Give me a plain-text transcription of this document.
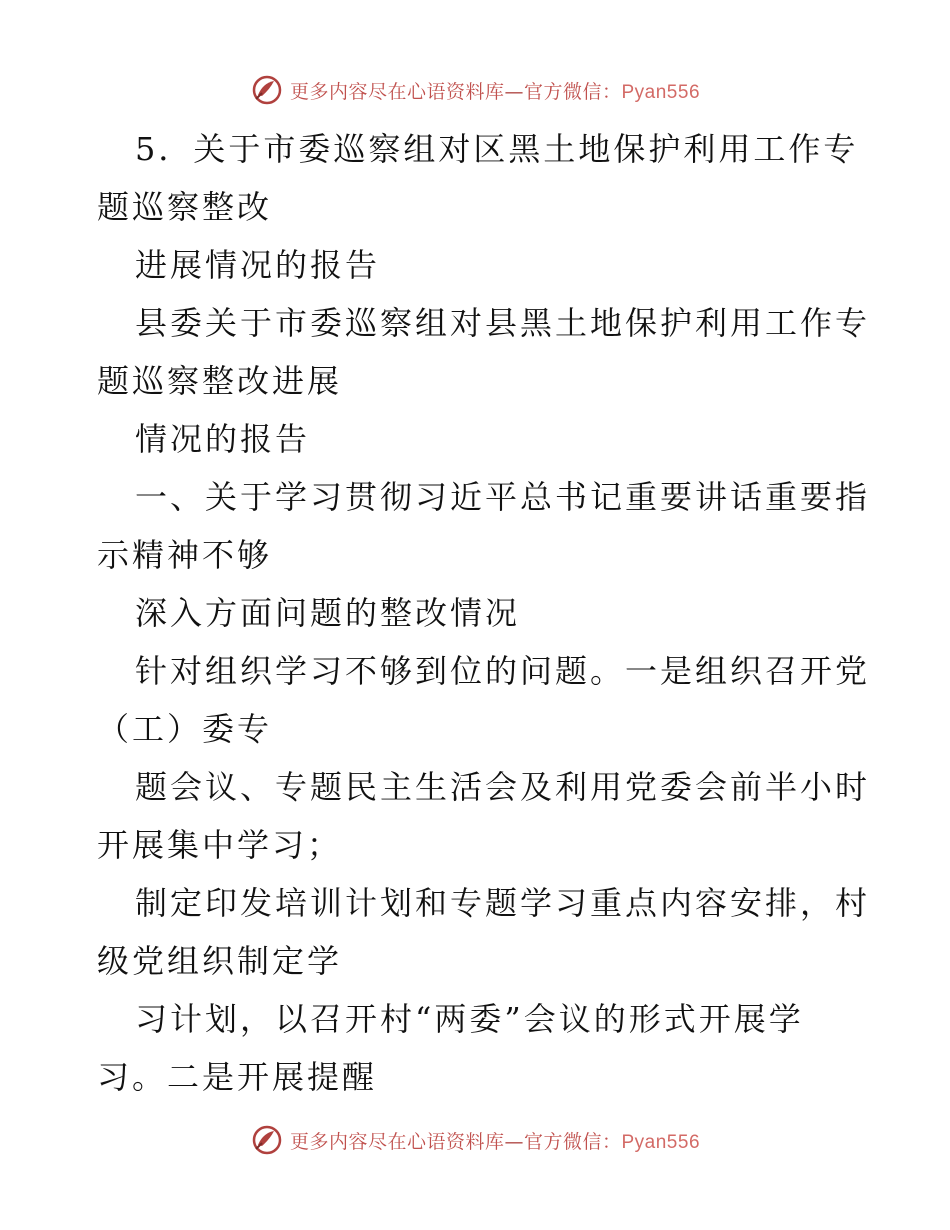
更多内容尽在心语资料库—官方微信：Pyan556
5．关于市委巡察组对区黑土地保护利用工作专
题巡察整改
进展情况的报告
县委关于市委巡察组对县黑土地保护利用工作专
题巡察整改进展
情况的报告
一、关于学习贯彻习近平总书记重要讲话重要指
示精神不够
深入方面问题的整改情况
针对组织学习不够到位的问题。一是组织召开党
（工）委专
题会议、专题民主生活会及利用党委会前半小时
开展集中学习；
制定印发培训计划和专题学习重点内容安排，村
级党组织制定学
习计划，以召开村“两委”会议的形式开展学
习。二是开展提醒
更多内容尽在心语资料库—官方微信：Pyan556
